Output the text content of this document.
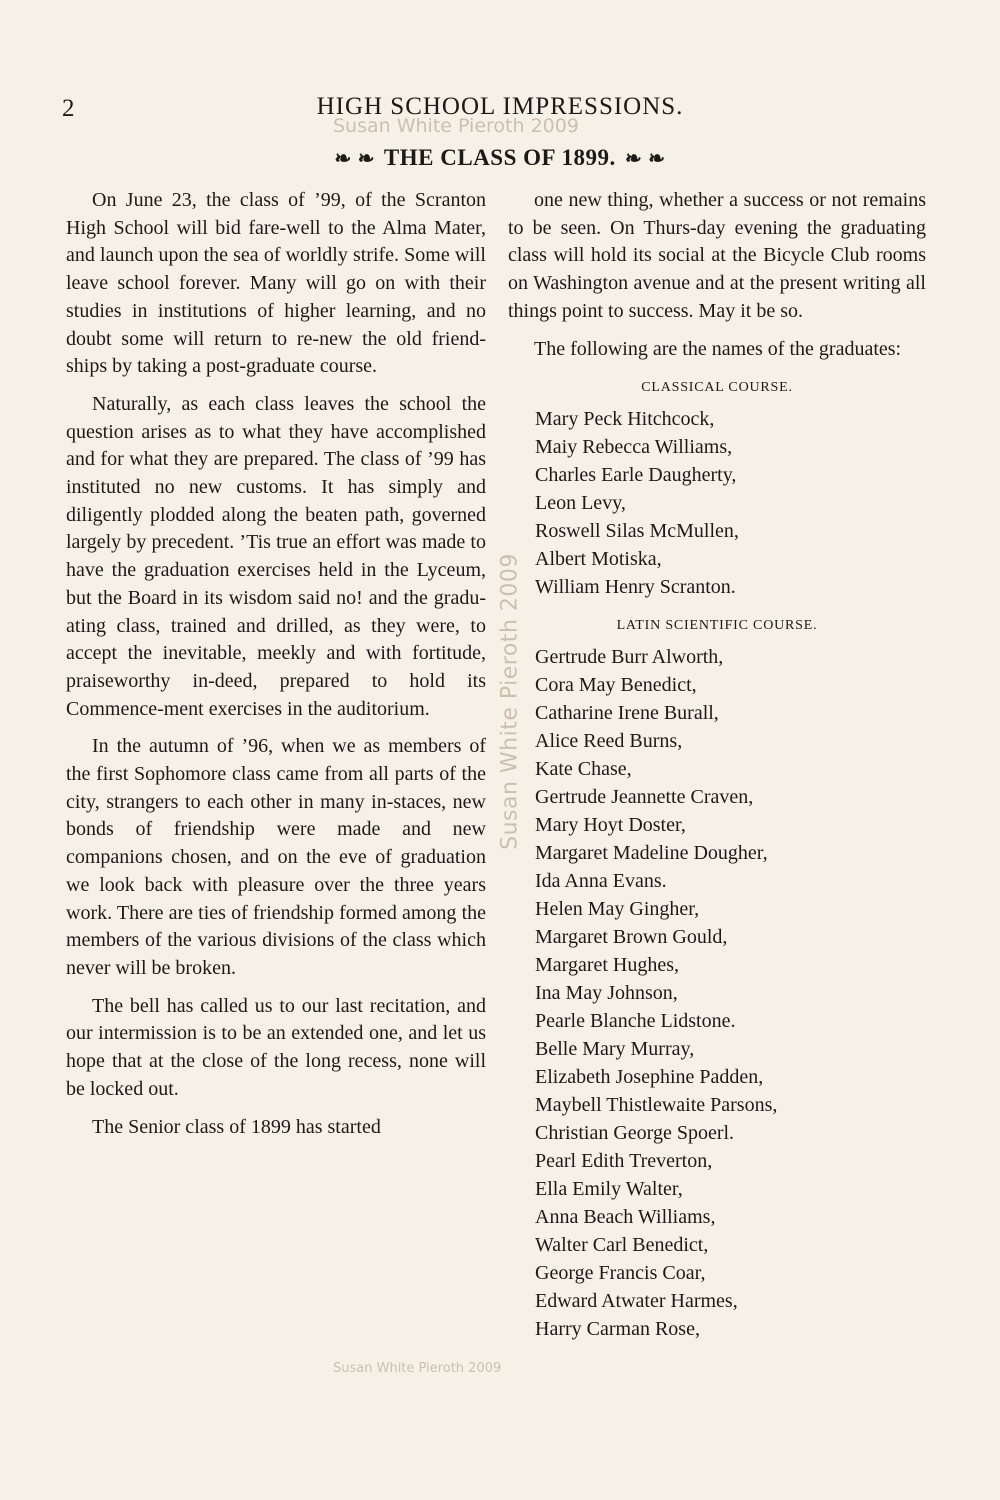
2	HIGH SCHOOL IMPRESSIONS.
Susan White Pieroth 2009
Susan White Pieroth 2009
Susan White Pieroth 2009
❧ ❧ THE CLASS OF 1899. ❧ ❧

On June 23, the class of ’99, of the Scranton High School will bid fare-well to the Alma Mater, and launch upon the sea of worldly strife. Some will leave school forever. Many will go on with their studies in institutions of higher learning, and no doubt some will return to re-new the old friend-ships by taking a post-graduate course.

Naturally, as each class leaves the school the question arises as to what they have accomplished and for what they are prepared. The class of ’99 has instituted no new customs. It has simply and diligently plodded along the beaten path, governed largely by precedent. ’Tis true an effort was made to have the graduation exercises held in the Lyceum, but the Board in its wisdom said no! and the gradu-ating class, trained and drilled, as they were, to accept the inevitable, meekly and with fortitude, praiseworthy in-deed, prepared to hold its Commence-ment exercises in the auditorium.

In the autumn of ’96, when we as members of the first Sophomore class came from all parts of the city, strangers to each other in many in-staces, new bonds of friendship were made and new companions chosen, and on the eve of graduation we look back with pleasure over the three years work. There are ties of friendship formed among the members of the various divisions of the class which never will be broken.

The bell has called us to our last recitation, and our intermission is to be an extended one, and let us hope that at the close of the long recess, none will be locked out.

The Senior class of 1899 has started

one new thing, whether a success or not remains to be seen. On Thurs-day evening the graduating class will hold its social at the Bicycle Club rooms on Washington avenue and at the present writing all things point to success. May it be so.

The following are the names of the graduates:

CLASSICAL COURSE.
Mary Peck Hitchcock,
Maiy Rebecca Williams,
Charles Earle Daugherty,
Leon Levy,
Roswell Silas McMullen,
Albert Motiska,
William Henry Scranton.
LATIN SCIENTIFIC COURSE.
Gertrude Burr Alworth,
Cora May Benedict,
Catharine Irene Burall,
Alice Reed Burns,
Kate Chase,
Gertrude Jeannette Craven,
Mary Hoyt Doster,
Margaret Madeline Dougher,
Ida Anna Evans.
Helen May Gingher,
Margaret Brown Gould,
Margaret Hughes,
Ina May Johnson,
Pearle Blanche Lidstone.
Belle Mary Murray,
Elizabeth Josephine Padden,
Maybell Thistlewaite Parsons,
Christian George Spoerl.
Pearl Edith Treverton,
Ella Emily Walter,
Anna Beach Williams,
Walter Carl Benedict,
George Francis Coar,
Edward Atwater Harmes,
Harry Carman Rose,
